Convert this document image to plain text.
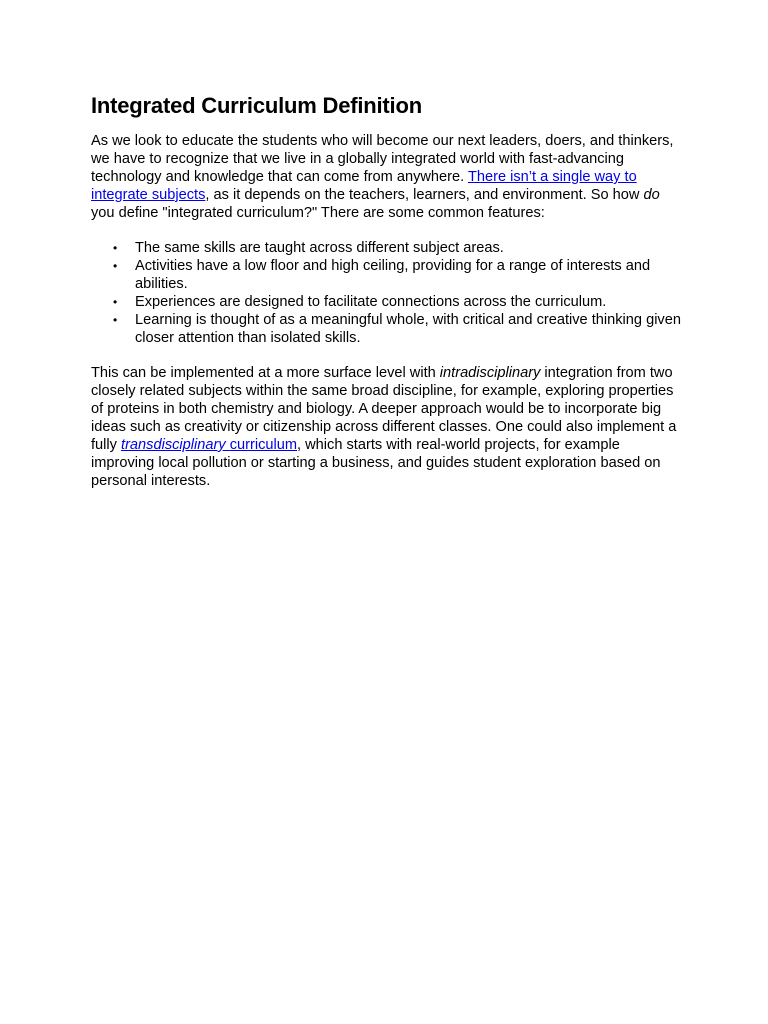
Integrated Curriculum Definition

As we look to educate the students who will become our next leaders, doers, and thinkers, we have to recognize that we live in a globally integrated world with fast-advancing technology and knowledge that can come from anywhere. There isn’t a single way to integrate subjects, as it depends on the teachers, learners, and environment. So how do you define "integrated curriculum?" There are some common features:

• The same skills are taught across different subject areas.
• Activities have a low floor and high ceiling, providing for a range of interests and abilities.
• Experiences are designed to facilitate connections across the curriculum.
• Learning is thought of as a meaningful whole, with critical and creative thinking given closer attention than isolated skills.

This can be implemented at a more surface level with intradisciplinary integration from two closely related subjects within the same broad discipline, for example, exploring properties of proteins in both chemistry and biology. A deeper approach would be to incorporate big ideas such as creativity or citizenship across different classes. One could also implement a fully transdisciplinary curriculum, which starts with real-world projects, for example improving local pollution or starting a business, and guides student exploration based on personal interests.
